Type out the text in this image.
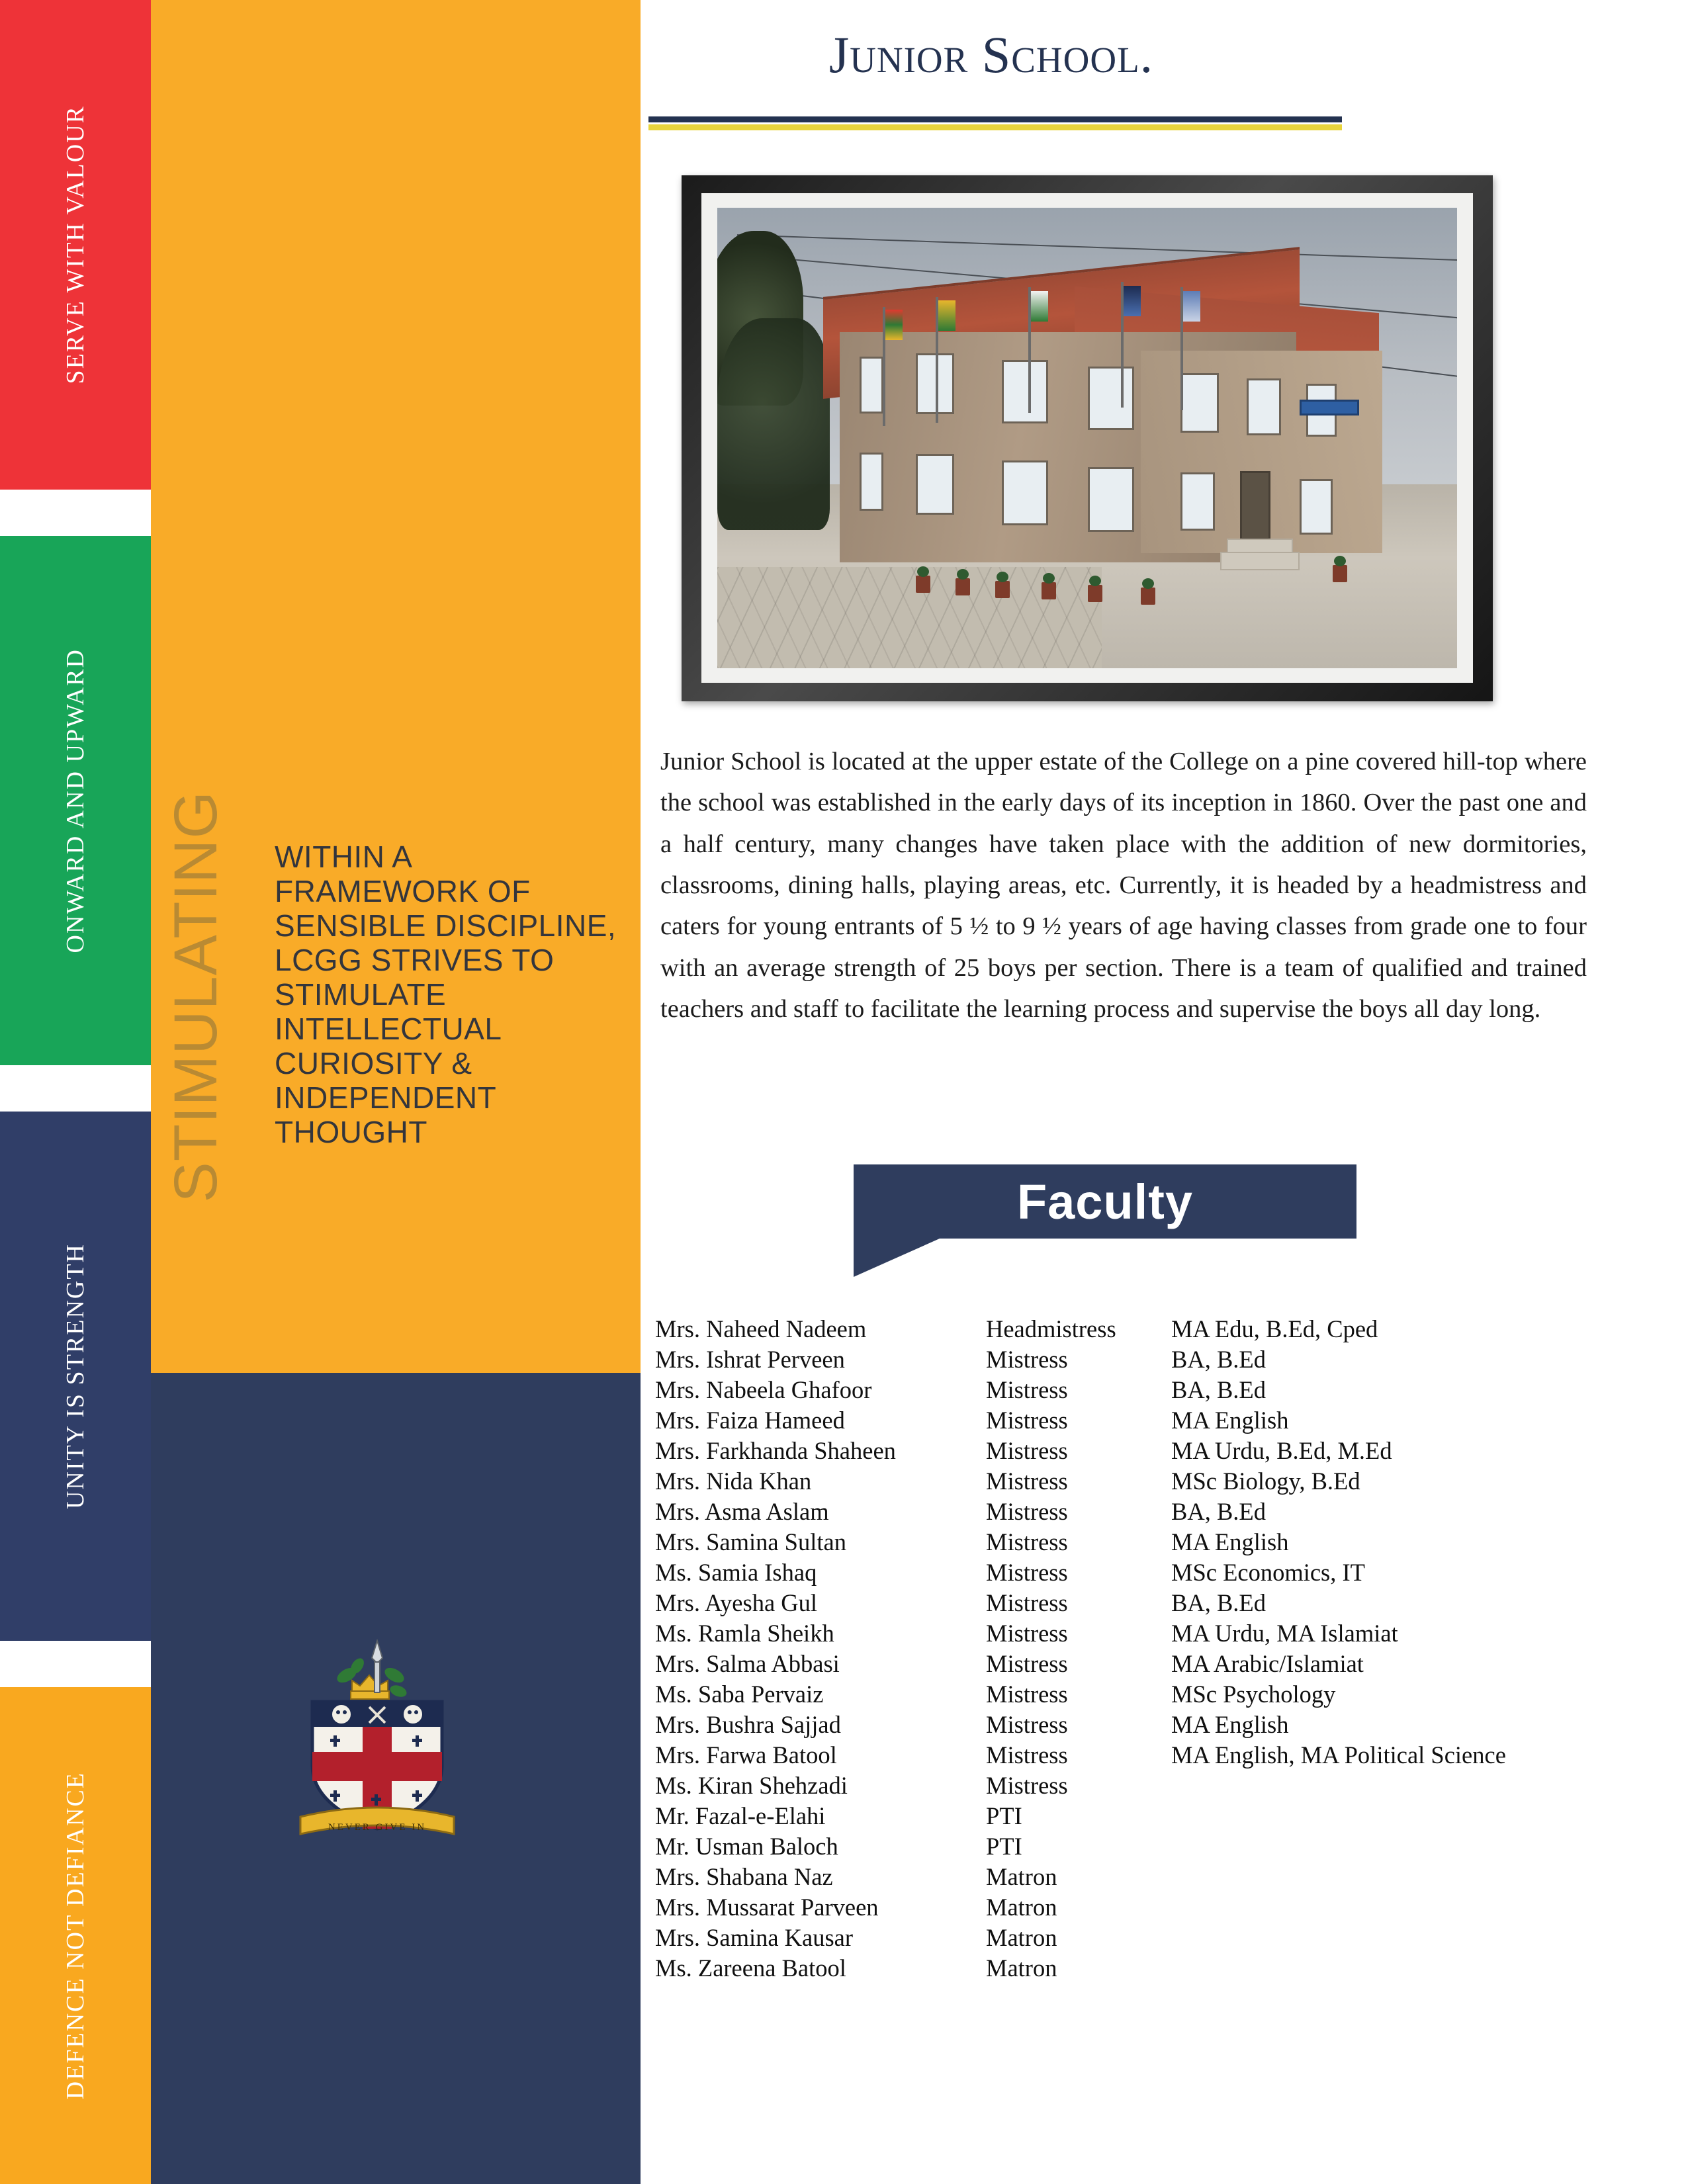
SERVE WITH VALOUR
ONWARD AND UPWARD
UNITY IS STRENGTH
DEFENCE NOT DEFIANCE
STIMULATING WITHIN A FRAMEWORK OF SENSIBLE DISCIPLINE, LCGG STRIVES TO STIMULATE INTELLECTUAL CURIOSITY & INDEPENDENT THOUGHT
NEVER GIVE IN
Junior School.
Junior School is located at the upper estate of the College on a pine covered hill-top where the school was established in the early days of its inception in 1860. Over the past one and a half century, many changes have taken place with the addition of new dormitories, classrooms, dining halls, playing areas, etc. Currently, it is headed by a headmistress and caters for young entrants of 5 ½ to 9 ½ years of age having classes from grade one to four with an average strength of 25 boys per section. There is a team of qualified and trained teachers and staff to facilitate the learning process and supervise the boys all day long.
Faculty
Mrs. Naheed Nadeem	Headmistress	MA Edu, B.Ed, Cped
Mrs. Ishrat Perveen	Mistress	BA, B.Ed
Mrs. Nabeela Ghafoor	Mistress	BA, B.Ed
Mrs. Faiza Hameed	Mistress	MA English
Mrs. Farkhanda Shaheen	Mistress	MA Urdu, B.Ed, M.Ed
Mrs. Nida Khan	Mistress	MSc Biology, B.Ed
Mrs. Asma Aslam	Mistress	BA, B.Ed
Mrs. Samina Sultan	Mistress	MA English
Ms. Samia Ishaq	Mistress	MSc Economics, IT
Mrs. Ayesha Gul	Mistress	BA, B.Ed
Ms. Ramla Sheikh	Mistress	MA Urdu, MA Islamiat
Mrs. Salma Abbasi	Mistress	MA Arabic/Islamiat
Ms. Saba Pervaiz	Mistress	MSc Psychology
Mrs. Bushra Sajjad	Mistress	MA English
Mrs. Farwa Batool	Mistress	MA English, MA Political Science
Ms. Kiran Shehzadi	Mistress	
Mr. Fazal-e-Elahi	PTI	
Mr. Usman Baloch	PTI	
Mrs. Shabana Naz	Matron	
Mrs. Mussarat Parveen	Matron	
Mrs. Samina Kausar	Matron	
Ms. Zareena Batool	Matron	
